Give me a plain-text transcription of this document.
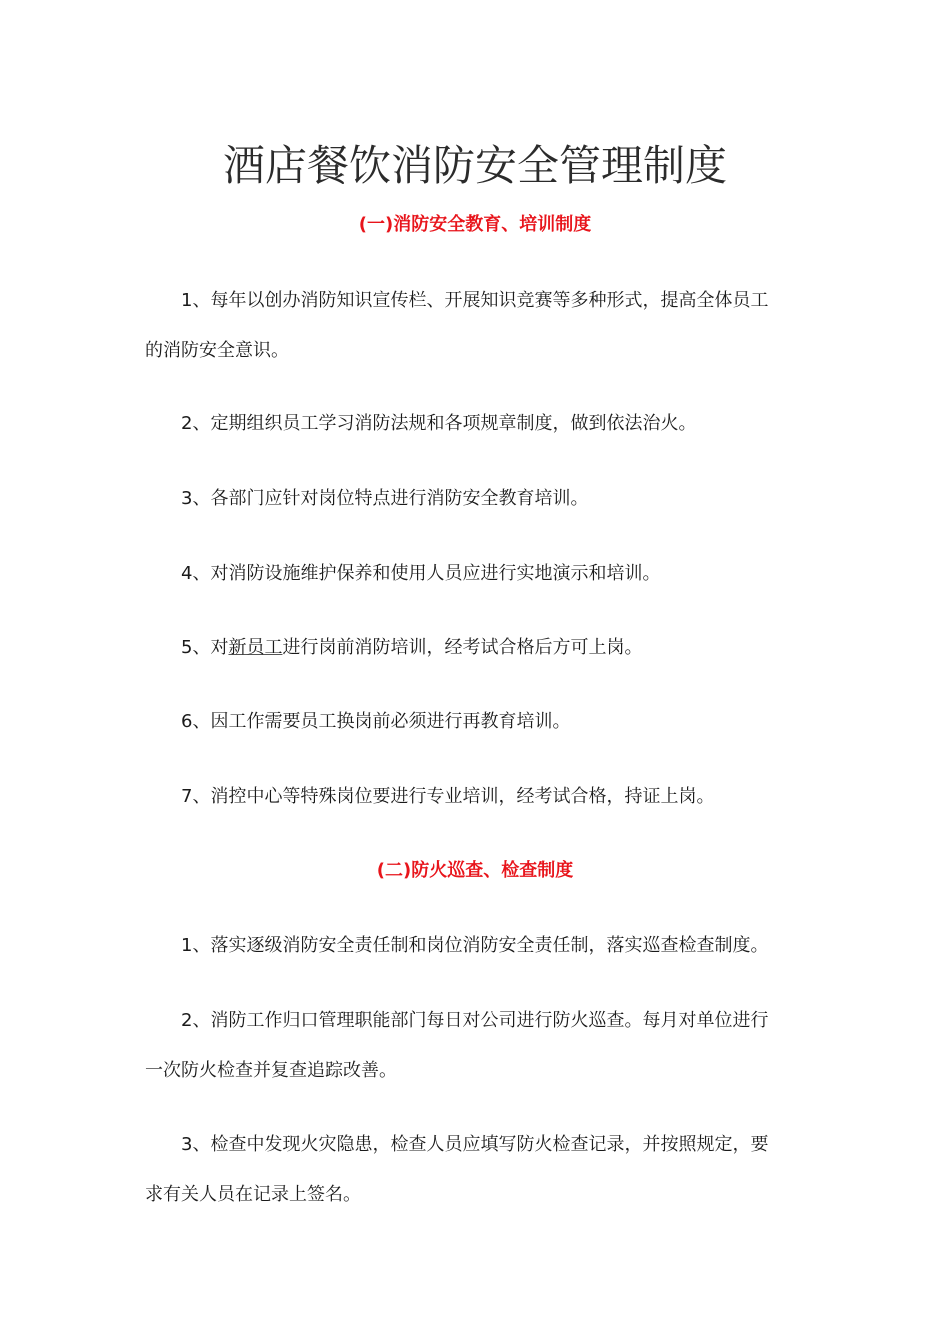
酒店餐饮消防安全管理制度
(一)消防安全教育、培训制度

1、每年以创办消防知识宣传栏、开展知识竞赛等多种形式，提高全体员工
的消防安全意识。

2、定期组织员工学习消防法规和各项规章制度，做到依法治火。

3、各部门应针对岗位特点进行消防安全教育培训。

4、对消防设施维护保养和使用人员应进行实地演示和培训。

5、对新员工进行岗前消防培训，经考试合格后方可上岗。

6、因工作需要员工换岗前必须进行再教育培训。

7、消控中心等特殊岗位要进行专业培训，经考试合格，持证上岗。

(二)防火巡查、检查制度

1、落实逐级消防安全责任制和岗位消防安全责任制，落实巡查检查制度。

2、消防工作归口管理职能部门每日对公司进行防火巡查。每月对单位进行
一次防火检查并复查追踪改善。

3、检查中发现火灾隐患，检查人员应填写防火检查记录，并按照规定，要
求有关人员在记录上签名。
